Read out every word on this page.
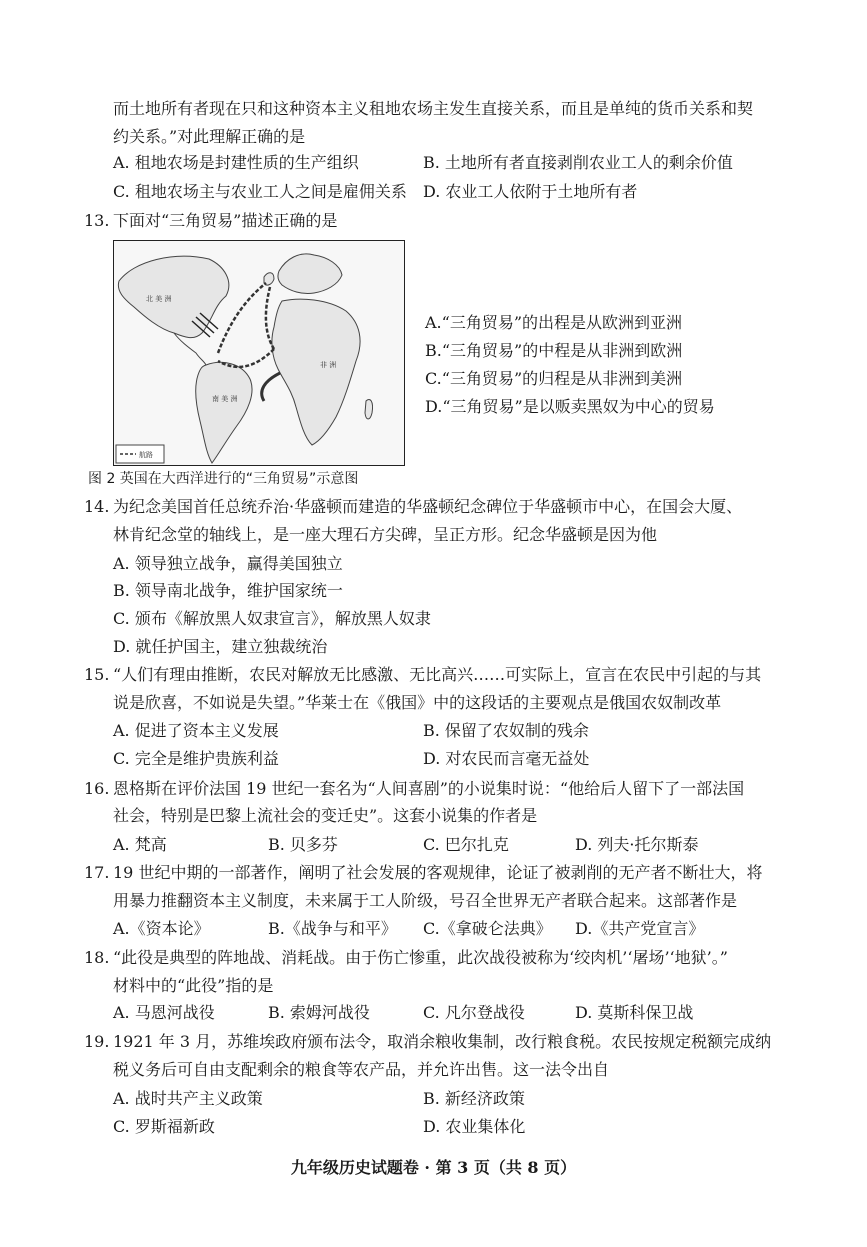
而土地所有者现在只和这种资本主义租地农场主发生直接关系，而且是单纯的货币关系和契
约关系。”对此理解正确的是
A. 租地农场是封建性质的生产组织	B. 土地所有者直接剥削农业工人的剩余价值
C. 租地农场主与农业工人之间是雇佣关系 D. 农业工人依附于土地所有者
13. 下面对“三角贸易”描述正确的是
北 美 洲
南 美 洲
非 洲
航路
A.“三角贸易”的出程是从欧洲到亚洲
B.“三角贸易”的中程是从非洲到欧洲
C.“三角贸易”的归程是从非洲到美洲
D.“三角贸易”是以贩卖黑奴为中心的贸易
图 2 英国在大西洋进行的“三角贸易”示意图
14. 为纪念美国首任总统乔治·华盛顿而建造的华盛顿纪念碑位于华盛顿市中心，在国会大厦、
林肯纪念堂的轴线上，是一座大理石方尖碑，呈正方形。纪念华盛顿是因为他
A. 领导独立战争，赢得美国独立
B. 领导南北战争，维护国家统一
C. 颁布《解放黑人奴隶宣言》，解放黑人奴隶
D. 就任护国主，建立独裁统治
15. “人们有理由推断，农民对解放无比感激、无比高兴……可实际上，宣言在农民中引起的与其
说是欣喜，不如说是失望。”华莱士在《俄国》中的这段话的主要观点是俄国农奴制改革
A. 促进了资本主义发展	B. 保留了农奴制的残余
C. 完全是维护贵族利益	D. 对农民而言毫无益处
16. 恩格斯在评价法国 19 世纪一套名为“人间喜剧”的小说集时说：“他给后人留下了一部法国
社会，特别是巴黎上流社会的变迁史”。这套小说集的作者是
A. 梵高	B. 贝多芬	C. 巴尔扎克	D. 列夫·托尔斯泰
17. 19 世纪中期的一部著作，阐明了社会发展的客观规律，论证了被剥削的无产者不断壮大，将
用暴力推翻资本主义制度，未来属于工人阶级，号召全世界无产者联合起来。这部著作是
A.《资本论》	B.《战争与和平》 C.《拿破仑法典》 D.《共产党宣言》
18. “此役是典型的阵地战、消耗战。由于伤亡惨重，此次战役被称为‘绞肉机’‘屠场’‘地狱’。”
材料中的“此役”指的是
A. 马恩河战役	B. 索姆河战役	C. 凡尔登战役	D. 莫斯科保卫战
19. 1921 年 3 月，苏维埃政府颁布法令，取消余粮收集制，改行粮食税。农民按规定税额完成纳
税义务后可自由支配剩余的粮食等农产品，并允许出售。这一法令出自
A. 战时共产主义政策	B. 新经济政策
C. 罗斯福新政	D. 农业集体化
九年级历史试题卷 · 第 3 页（共 8 页）
